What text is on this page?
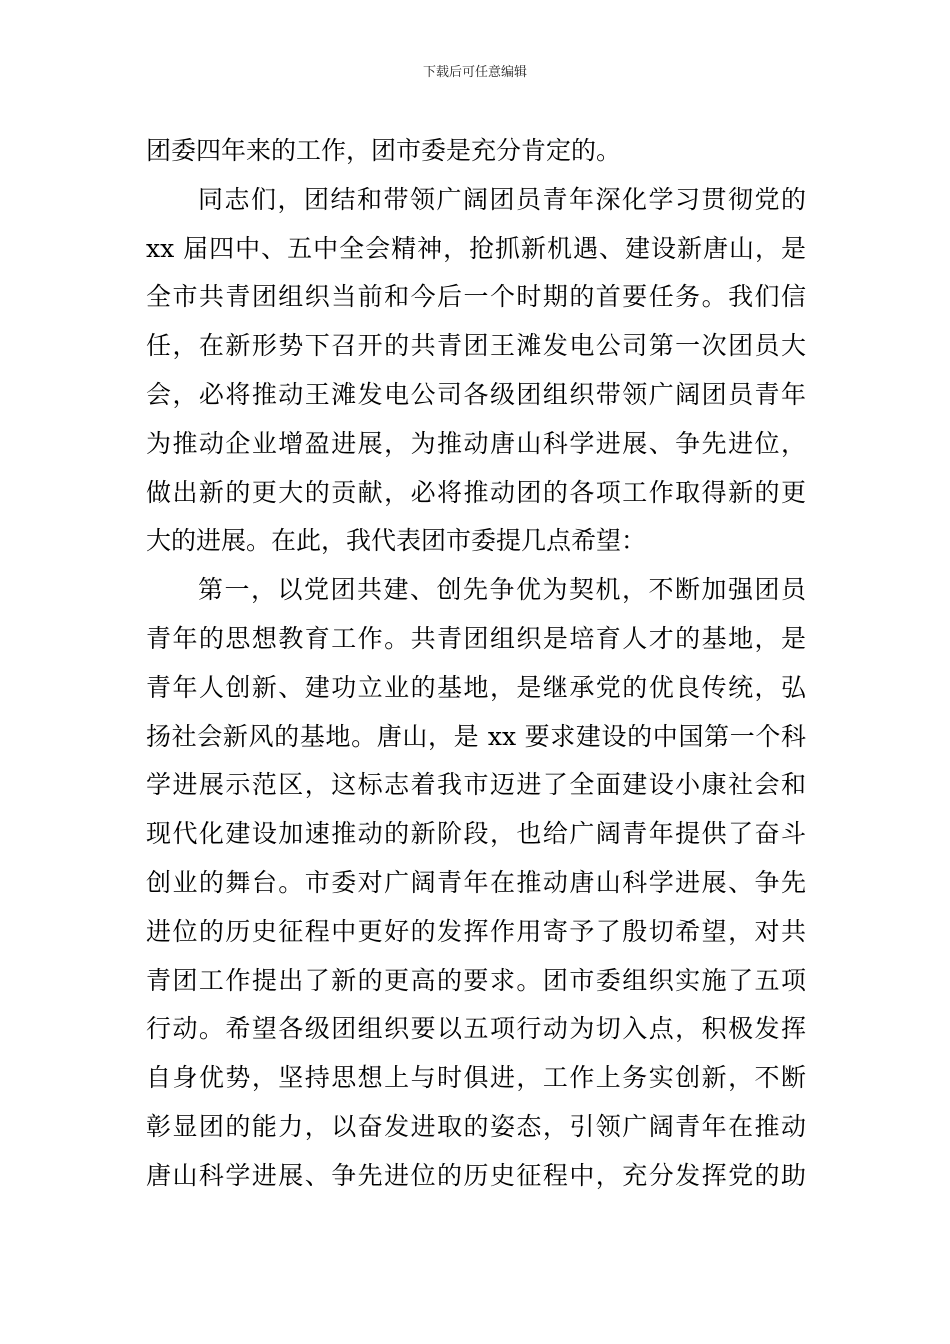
下载后可任意编辑
团委四年来的工作，团市委是充分肯定的。
同志们，团结和带领广阔团员青年深化学习贯彻党的
xx 届四中、五中全会精神，抢抓新机遇、建设新唐山，是
全市共青团组织当前和今后一个时期的首要任务。我们信
任，在新形势下召开的共青团王滩发电公司第一次团员大
会，必将推动王滩发电公司各级团组织带领广阔团员青年
为推动企业增盈进展，为推动唐山科学进展、争先进位，
做出新的更大的贡献，必将推动团的各项工作取得新的更
大的进展。在此，我代表团市委提几点希望：
第一，以党团共建、创先争优为契机，不断加强团员
青年的思想教育工作。共青团组织是培育人才的基地，是
青年人创新、建功立业的基地，是继承党的优良传统，弘
扬社会新风的基地。唐山，是 xx 要求建设的中国第一个科
学进展示范区，这标志着我市迈进了全面建设小康社会和
现代化建设加速推动的新阶段，也给广阔青年提供了奋斗
创业的舞台。市委对广阔青年在推动唐山科学进展、争先
进位的历史征程中更好的发挥作用寄予了殷切希望，对共
青团工作提出了新的更高的要求。团市委组织实施了五项
行动。希望各级团组织要以五项行动为切入点，积极发挥
自身优势，坚持思想上与时俱进，工作上务实创新，不断
彰显团的能力，以奋发进取的姿态，引领广阔青年在推动
唐山科学进展、争先进位的历史征程中，充分发挥党的助
